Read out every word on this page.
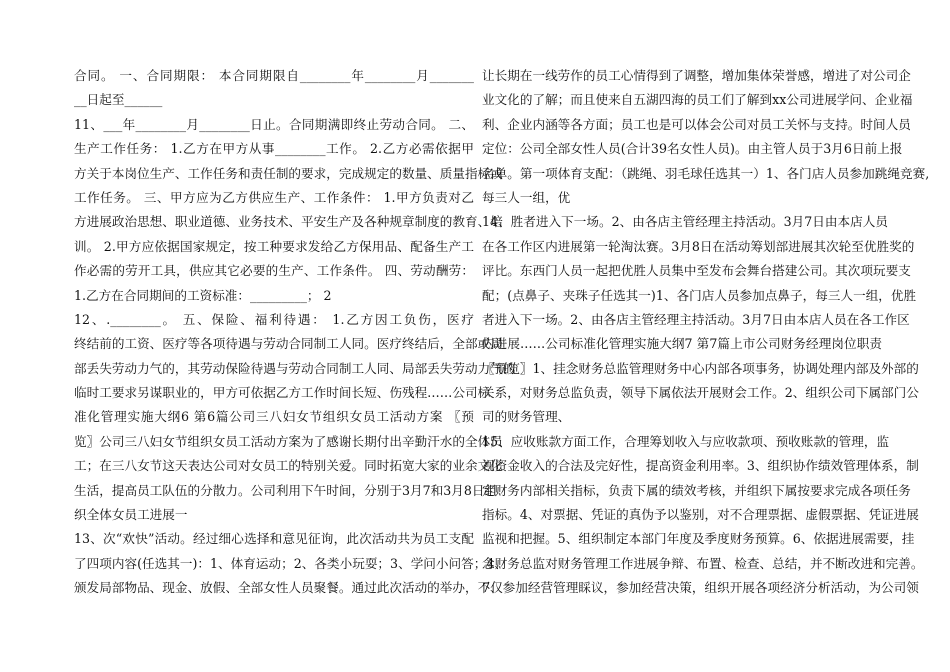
合同。 一、合同期限： 本合同期限自________年________月_______
__日起至______
11、___年________月________日止。合同期满即终止劳动合同。 二、
生产工作任务： 1.乙方在甲方从事________工作。 2.乙方必需依据甲
方关于本岗位生产、工作任务和责任制的要求，完成规定的数量、质量指标或
工作任务。 三、甲方应为乙方供应生产、工作条件： 1.甲方负责对乙
方进展政治思想、职业道德、业务技术、平安生产及各种规章制度的教育、培
训。 2.甲方应依据国家规定，按工种要求发给乙方保用品、配备生产工
作必需的劳开工具，供应其它必要的生产、工作条件。 四、劳动酬劳：
1.乙方在合同期间的工资标准：_________； 2
12、.________。 五、保险、福利待遇： 1.乙方因工负伤，医疗
终结前的工资、医疗等各项待遇与劳动合同制工人同。医疗终结后，全部或局
部丢失劳动力气的，其劳动保险待遇与劳动合同制工人同、局部丢失劳动力气的
临时工要求另谋职业的，甲方可依据乙方工作时间长短、伤残程……公司标
准化管理实施大纲6 第6篇公司三八妇女节组织女员工活动方案 〖预
览〗公司三八妇女节组织女员工活动方案为了感谢长期付出辛勤汗水的全体员
工；在三八女节这天表达公司对女员工的特别关爱。同时拓宽大家的业余文化
生活，提高员工队伍的分散力。公司利用下午时间，分别于3月7和3月8日组
织全体女员工进展一
13、次“欢快”活动。经过细心选择和意见征询，此次活动共为员工支配
了四项内容(任选其一)：1、体育运动；2、各类小玩耍；3、学问小问答；4、
颁发局部物品、现金、放假、全部女性人员聚餐。通过此次活动的举办，不仅
让长期在一线劳作的员工心情得到了调整，增加集体荣誉感，增进了对公司企
业文化的了解；而且使来自五湖四海的员工们了解到xx公司进展学问、企业福
利、企业内涵等各方面；员工也是可以体会公司对员工关怀与支持。时间人员
定位：公司全部女性人员(合计39名女性人员)。由主管人员于3月6日前上报
名单。第一项体育支配：（跳绳、羽毛球任选其一）1、各门店人员参加跳绳竞赛,
每三人一组，优
14、胜者进入下一场。2、由各店主管经理主持活动。3月7日由本店人员
在各工作区内进展第一轮淘汰赛。3月8日在活动筹划部进展其次轮至优胜奖的
评比。东西门人员一起把优胜人员集中至发布会舞台搭建公司。其次项玩要支
配；(点鼻子、夹珠子任选其一)1、各门店人员参加点鼻子，每三人一组，优胜
者进入下一场。2、由各店主管经理主持活动。3月7日由本店人员在各工作区
内进展……公司标准化管理实施大纲7 第7篇上市公司财务经理岗位职责
〖预览〗1、挂念财务总监管理财务中心内部各项事务，协调处理内部及外部的
关系，对财务总监负责，领导下属依法开展财会工作。2、组织公司下属部门公
司的财务管理、
15、应收账款方面工作，合理筹划收入与应收款项、预收账款的管理，监
视资金收入的合法及完好性，提高资金利用率。3、组织协作绩效管理体系，制
定财务内部相关指标，负责下属的绩效考核，并组织下属按要求完成各项任务
指标。4、对票据、凭证的真伪予以鉴别，对不合理票据、虚假票据、凭证进展
监视和把握。5、组织制定本部门年度及季度财务预算。6、依据进展需要，挂
念财务总监对财务管理工作进展争辩、布置、检查、总结，并不断改进和完善。
7、参加经营管理睬议，参加经营决策，组织开展各项经济分析活动，为公司领
